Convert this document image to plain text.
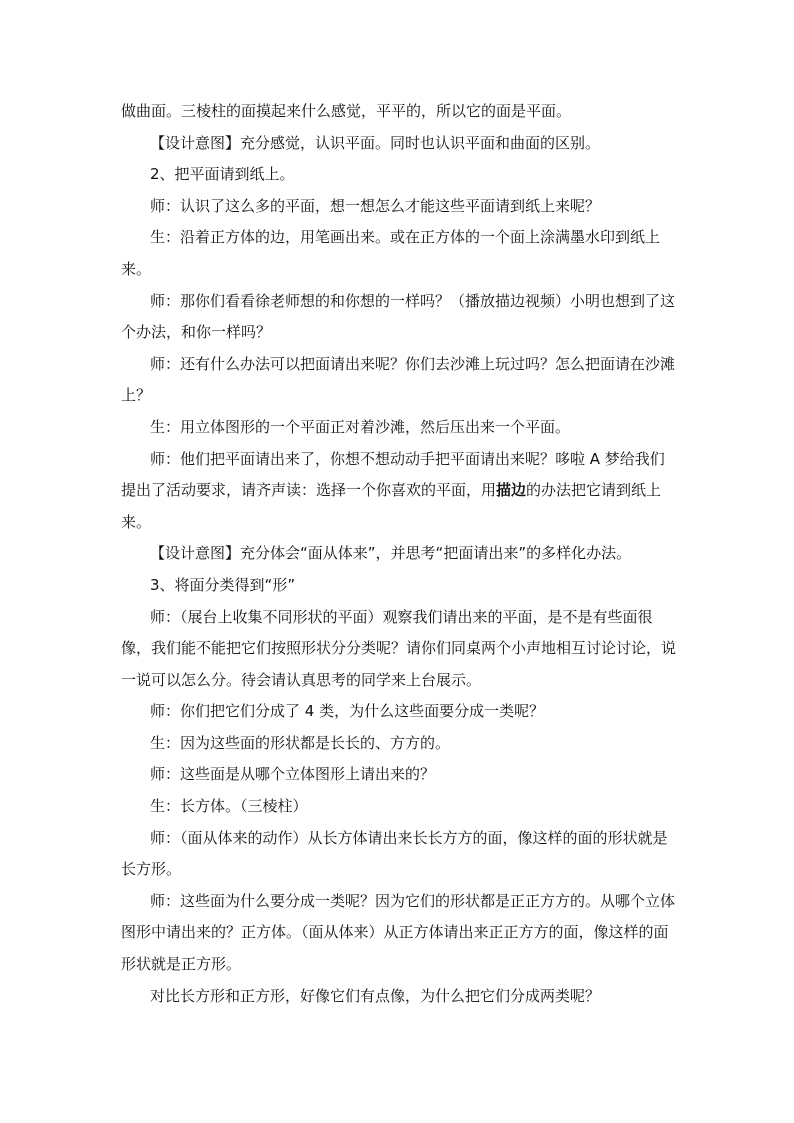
做曲面。三棱柱的面摸起来什么感觉，平平的，所以它的面是平面。

【设计意图】充分感觉，认识平面。同时也认识平面和曲面的区别。

2、把平面请到纸上。

师：认识了这么多的平面，想一想怎么才能这些平面请到纸上来呢？

生：沿着正方体的边，用笔画出来。或在正方体的一个面上涂满墨水印到纸上来。

师：那你们看看徐老师想的和你想的一样吗？（播放描边视频）小明也想到了这个办法，和你一样吗？

师：还有什么办法可以把面请出来呢？你们去沙滩上玩过吗？怎么把面请在沙滩上？

生：用立体图形的一个平面正对着沙滩，然后压出来一个平面。

师：他们把平面请出来了，你想不想动动手把平面请出来呢？哆啦 A 梦给我们提出了活动要求，请齐声读：选择一个你喜欢的平面，用描边的办法把它请到纸上来。

【设计意图】充分体会“面从体来”，并思考“把面请出来”的多样化办法。

3、将面分类得到“形”

师：（展台上收集不同形状的平面）观察我们请出来的平面，是不是有些面很像，我们能不能把它们按照形状分分类呢？请你们同桌两个小声地相互讨论讨论，说一说可以怎么分。待会请认真思考的同学来上台展示。

师：你们把它们分成了 4 类，为什么这些面要分成一类呢？

生：因为这些面的形状都是长长的、方方的。

师：这些面是从哪个立体图形上请出来的？

生：长方体。（三棱柱）

师：（面从体来的动作）从长方体请出来长长方方的面，像这样的面的形状就是长方形。

师：这些面为什么要分成一类呢？因为它们的形状都是正正方方的。从哪个立体图形中请出来的？正方体。（面从体来）从正方体请出来正正方方的面，像这样的面形状就是正方形。

对比长方形和正方形，好像它们有点像，为什么把它们分成两类呢？
